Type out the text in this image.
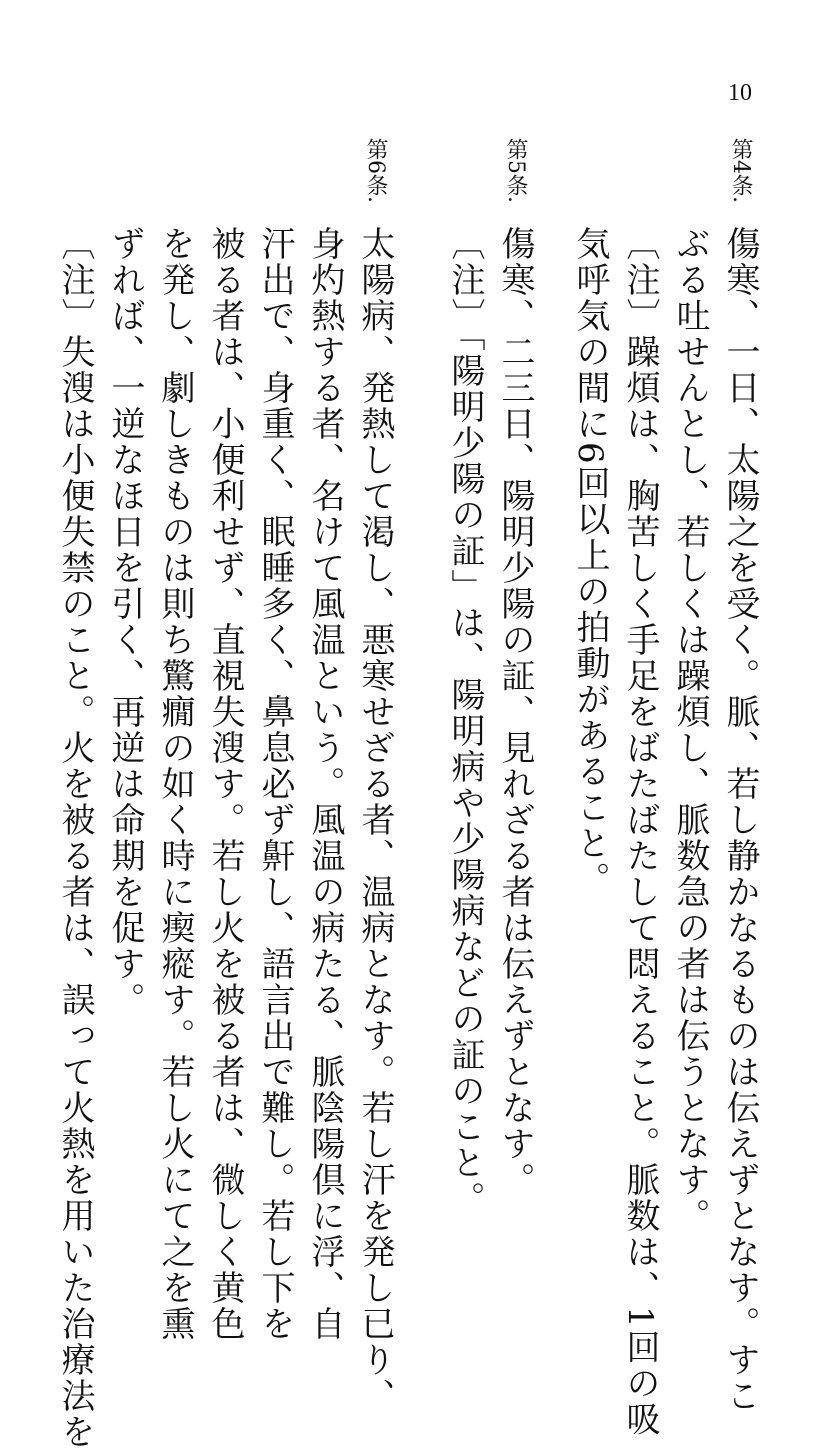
10
第4条.
傷寒、一日、太陽之を受く。脈、若し静かなるものは伝えずとなす。すこ
ぶる吐せんとし、若しくは躁煩し、脈数急の者は伝うとなす。
〔注〕躁煩は、胸苦しく手足をばたばたして悶えること。脈数は、1回の吸
気呼気の間に6回以上の拍動があること。
第5条.
傷寒、二三日、陽明少陽の証、見れざる者は伝えずとなす。
〔注〕「陽明少陽の証」は、陽明病や少陽病などの証のこと。
第6条.
太陽病、発熱して渇し、悪寒せざる者、温病となす。若し汗を発し已り、
身灼熱する者、名けて風温という。風温の病たる、脈陰陽倶に浮、自
汗出で、身重く、眠睡多く、鼻息必ず鼾し、語言出で難し。若し下を
被る者は、小便利せず、直視失溲す。若し火を被る者は、微しく黄色
を発し、劇しきものは則ち驚癇の如く時に瘈瘲す。若し火にて之を熏
ずれば、一逆なほ日を引く、再逆は命期を促す。
〔注〕失溲は小便失禁のこと。火を被る者は、誤って火熱を用いた治療法を
